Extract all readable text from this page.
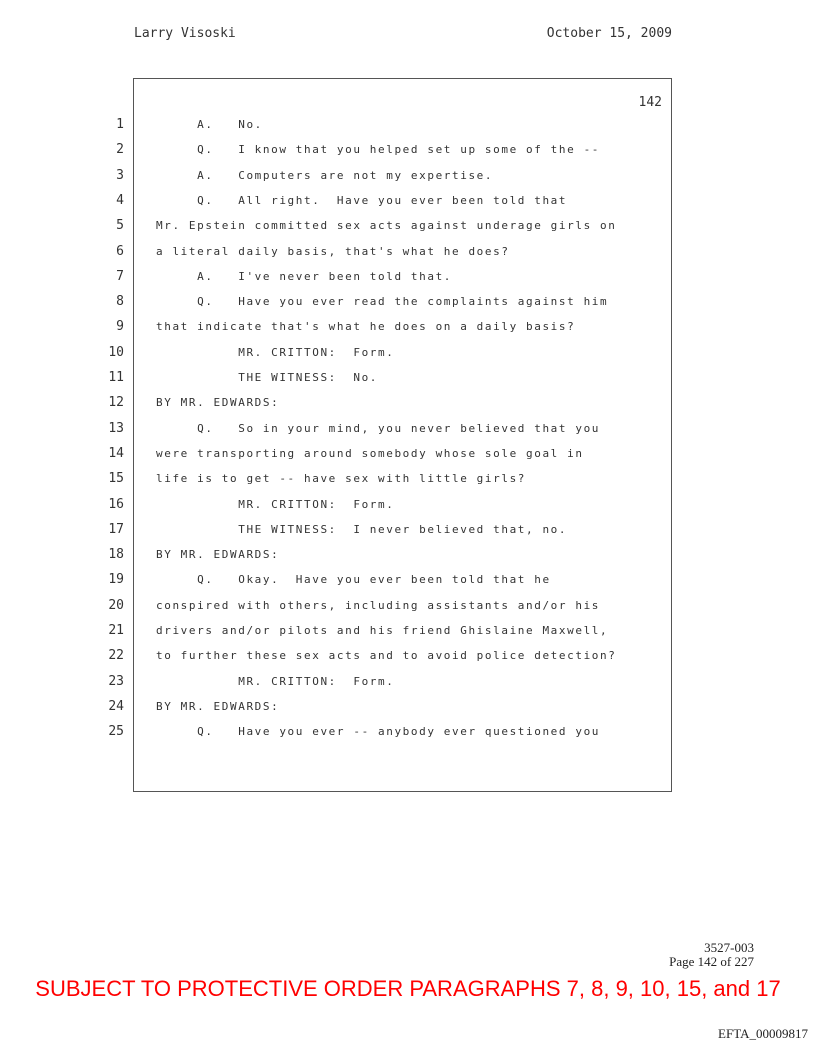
Larry Visoski	October 15, 2009
1
2
3
4
5
6
7
8
9
10
11
12
13
14
15
16
17
18
19
20
21
22
23
24
25
142
A.   No.
Q.   I know that you helped set up some of the --
A.   Computers are not my expertise.
Q.   All right.  Have you ever been told that
Mr. Epstein committed sex acts against underage girls on
a literal daily basis, that's what he does?
A.   I've never been told that.
Q.   Have you ever read the complaints against him
that indicate that's what he does on a daily basis?
MR. CRITTON:  Form.
THE WITNESS:  No.
BY MR. EDWARDS:
Q.   So in your mind, you never believed that you
were transporting around somebody whose sole goal in
life is to get -- have sex with little girls?
MR. CRITTON:  Form.
THE WITNESS:  I never believed that, no.
BY MR. EDWARDS:
Q.   Okay.  Have you ever been told that he
conspired with others, including assistants and/or his
drivers and/or pilots and his friend Ghislaine Maxwell,
to further these sex acts and to avoid police detection?
MR. CRITTON:  Form.
BY MR. EDWARDS:
Q.   Have you ever -- anybody ever questioned you
3527-003
Page 142 of 227
SUBJECT TO PROTECTIVE ORDER PARAGRAPHS 7, 8, 9, 10, 15, and 17
EFTA_00009817
